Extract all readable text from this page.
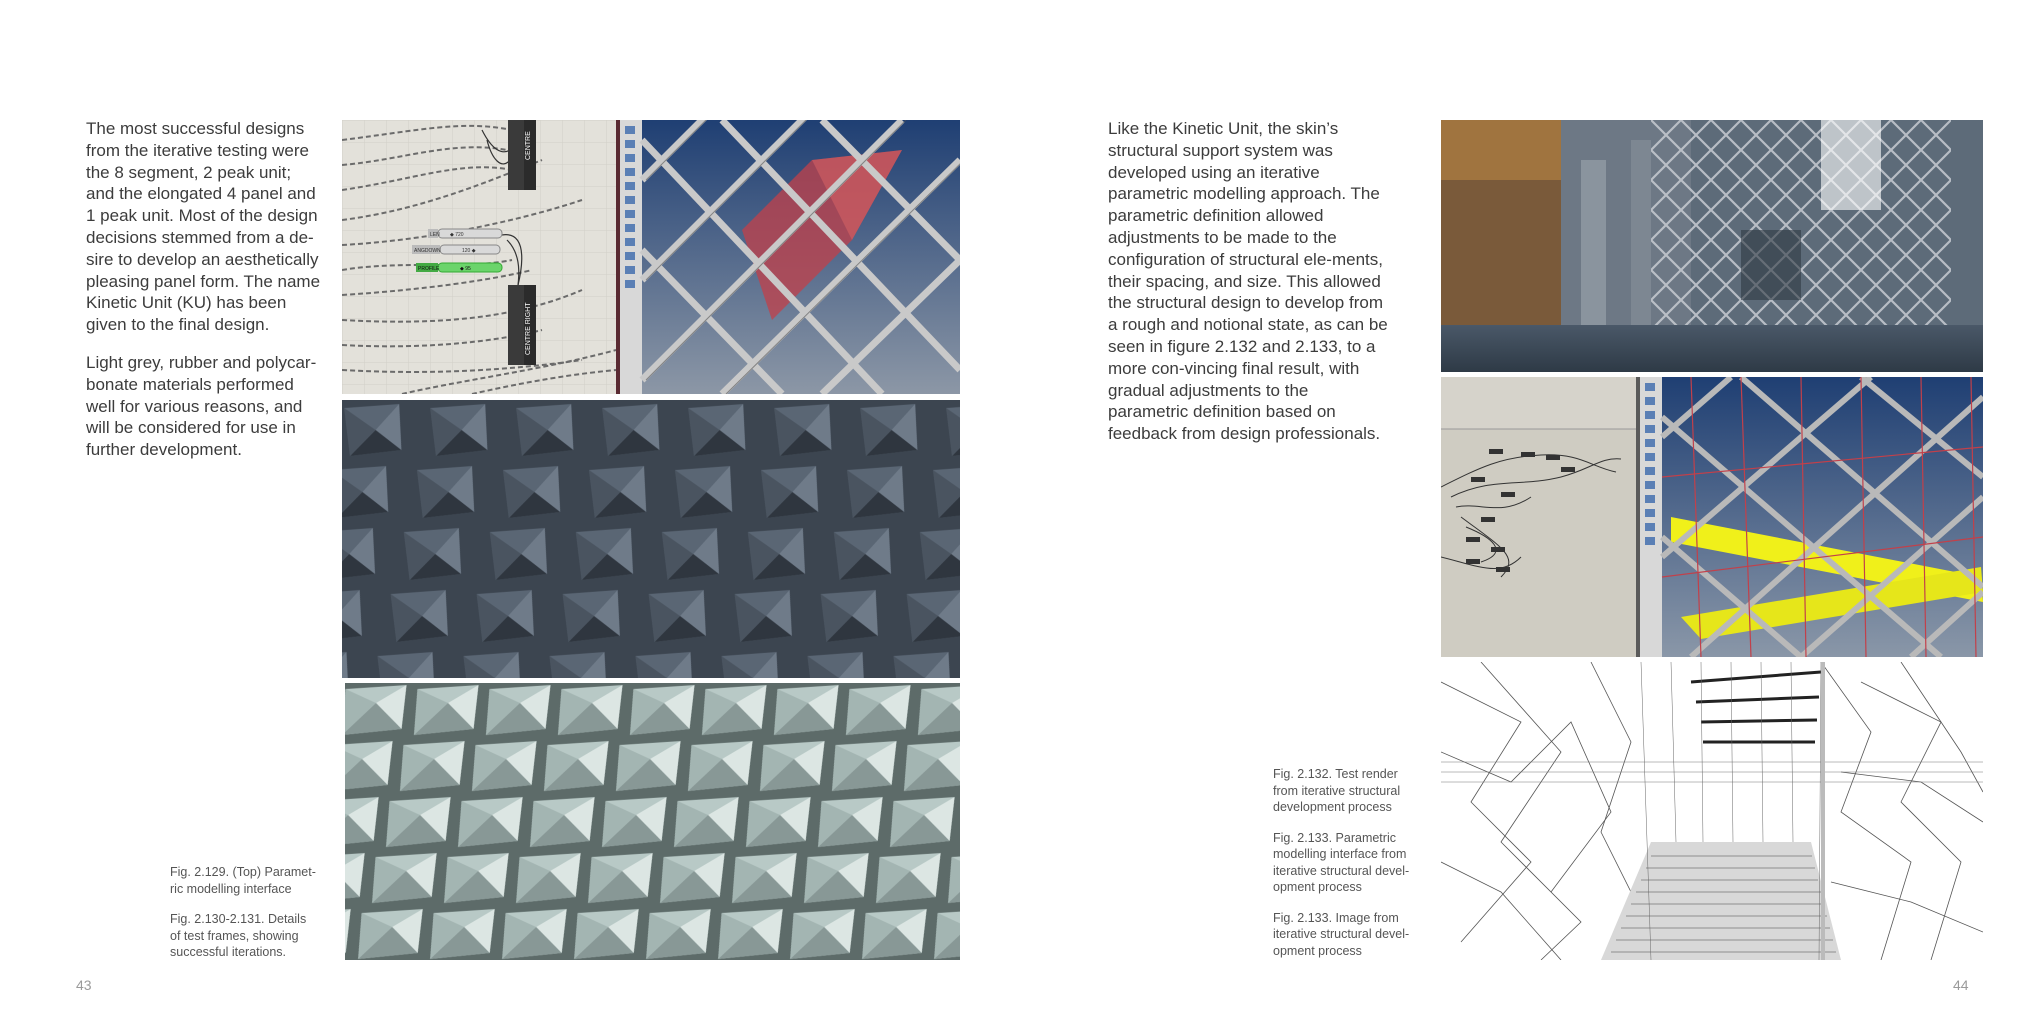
The most successful designs from the iterative testing were the 8 segment, 2 peak unit; and the elongated 4 panel and 1 peak unit. Most of the design decisions stemmed from a de-sire to develop an aesthetically pleasing panel form. The name Kinetic Unit (KU) has been given to the final design.

Light grey, rubber and polycar-bonate materials performed well for various reasons, and will be considered for use in further development.

Fig. 2.129. (Top) Paramet-ric modelling interface

Fig. 2.130-2.131. Details of test frames, showing successful iterations.

43
CENTRE
LEN ◆ 720
ANGDOWN	120 ◆
PROFILE	◆ 95
CENTRE RIGHT

Like the Kinetic Unit, the skin’s structural support system was developed using an iterative parametric modelling approach. The parametric definition allowed adjustments to be made to the configuration of structural ele-ments, their spacing, and size. This allowed the structural design to develop from a rough and notional state, as can be seen in figure 2.132 and 2.133, to a more con-vincing final result, with gradual adjustments to the parametric definition based on feedback from design professionals.

Fig. 2.132. Test render from iterative structural development process

Fig. 2.133. Parametric modelling interface from iterative structural devel-opment process

Fig. 2.133. Image from iterative structural devel-opment process

44
